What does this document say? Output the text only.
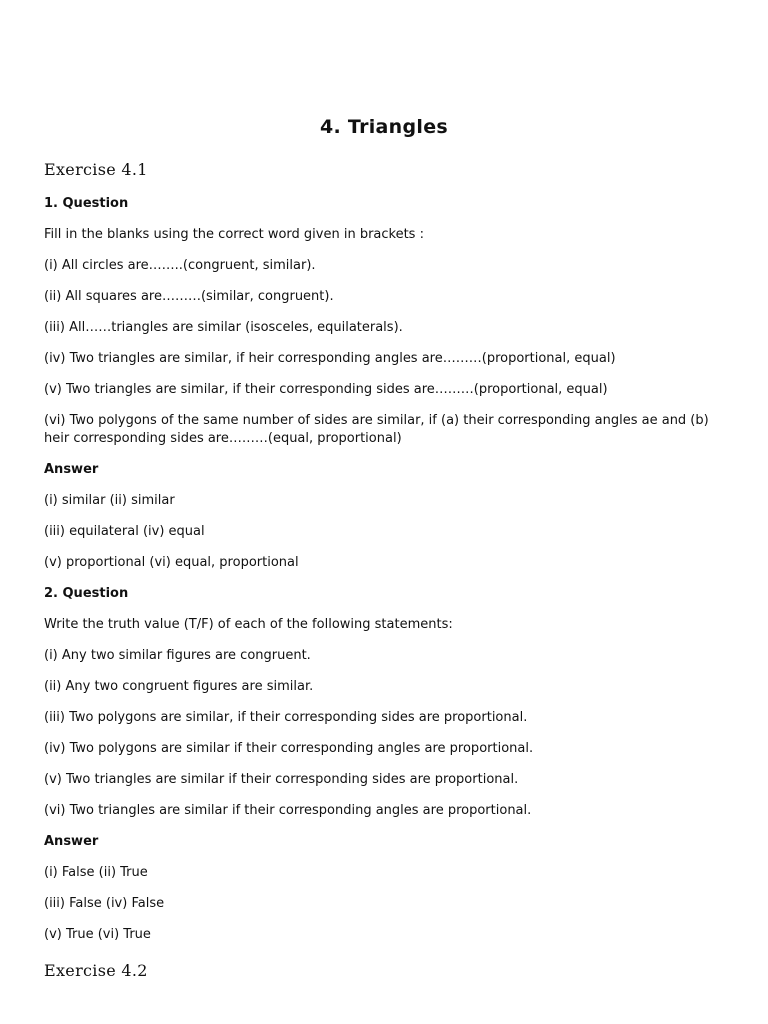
4. Triangles
Exercise 4.1
1. Question
Fill in the blanks using the correct word given in brackets :
(i) All circles are……..(congruent, similar).
(ii) All squares are………(similar, congruent).
(iii) All……triangles are similar (isosceles, equilaterals).
(iv) Two triangles are similar, if heir corresponding angles are………(proportional, equal)
(v) Two triangles are similar, if their corresponding sides are………(proportional, equal)
(vi) Two polygons of the same number of sides are similar, if (a) their corresponding angles ae and (b) heir corresponding sides are………(equal, proportional)
Answer
(i) similar (ii) similar
(iii) equilateral (iv) equal
(v) proportional (vi) equal, proportional
2. Question
Write the truth value (T/F) of each of the following statements:
(i) Any two similar figures are congruent.
(ii) Any two congruent figures are similar.
(iii) Two polygons are similar, if their corresponding sides are proportional.
(iv) Two polygons are similar if their corresponding angles are proportional.
(v) Two triangles are similar if their corresponding sides are proportional.
(vi) Two triangles are similar if their corresponding angles are proportional.
Answer
(i) False (ii) True
(iii) False (iv) False
(v) True (vi) True
Exercise 4.2
